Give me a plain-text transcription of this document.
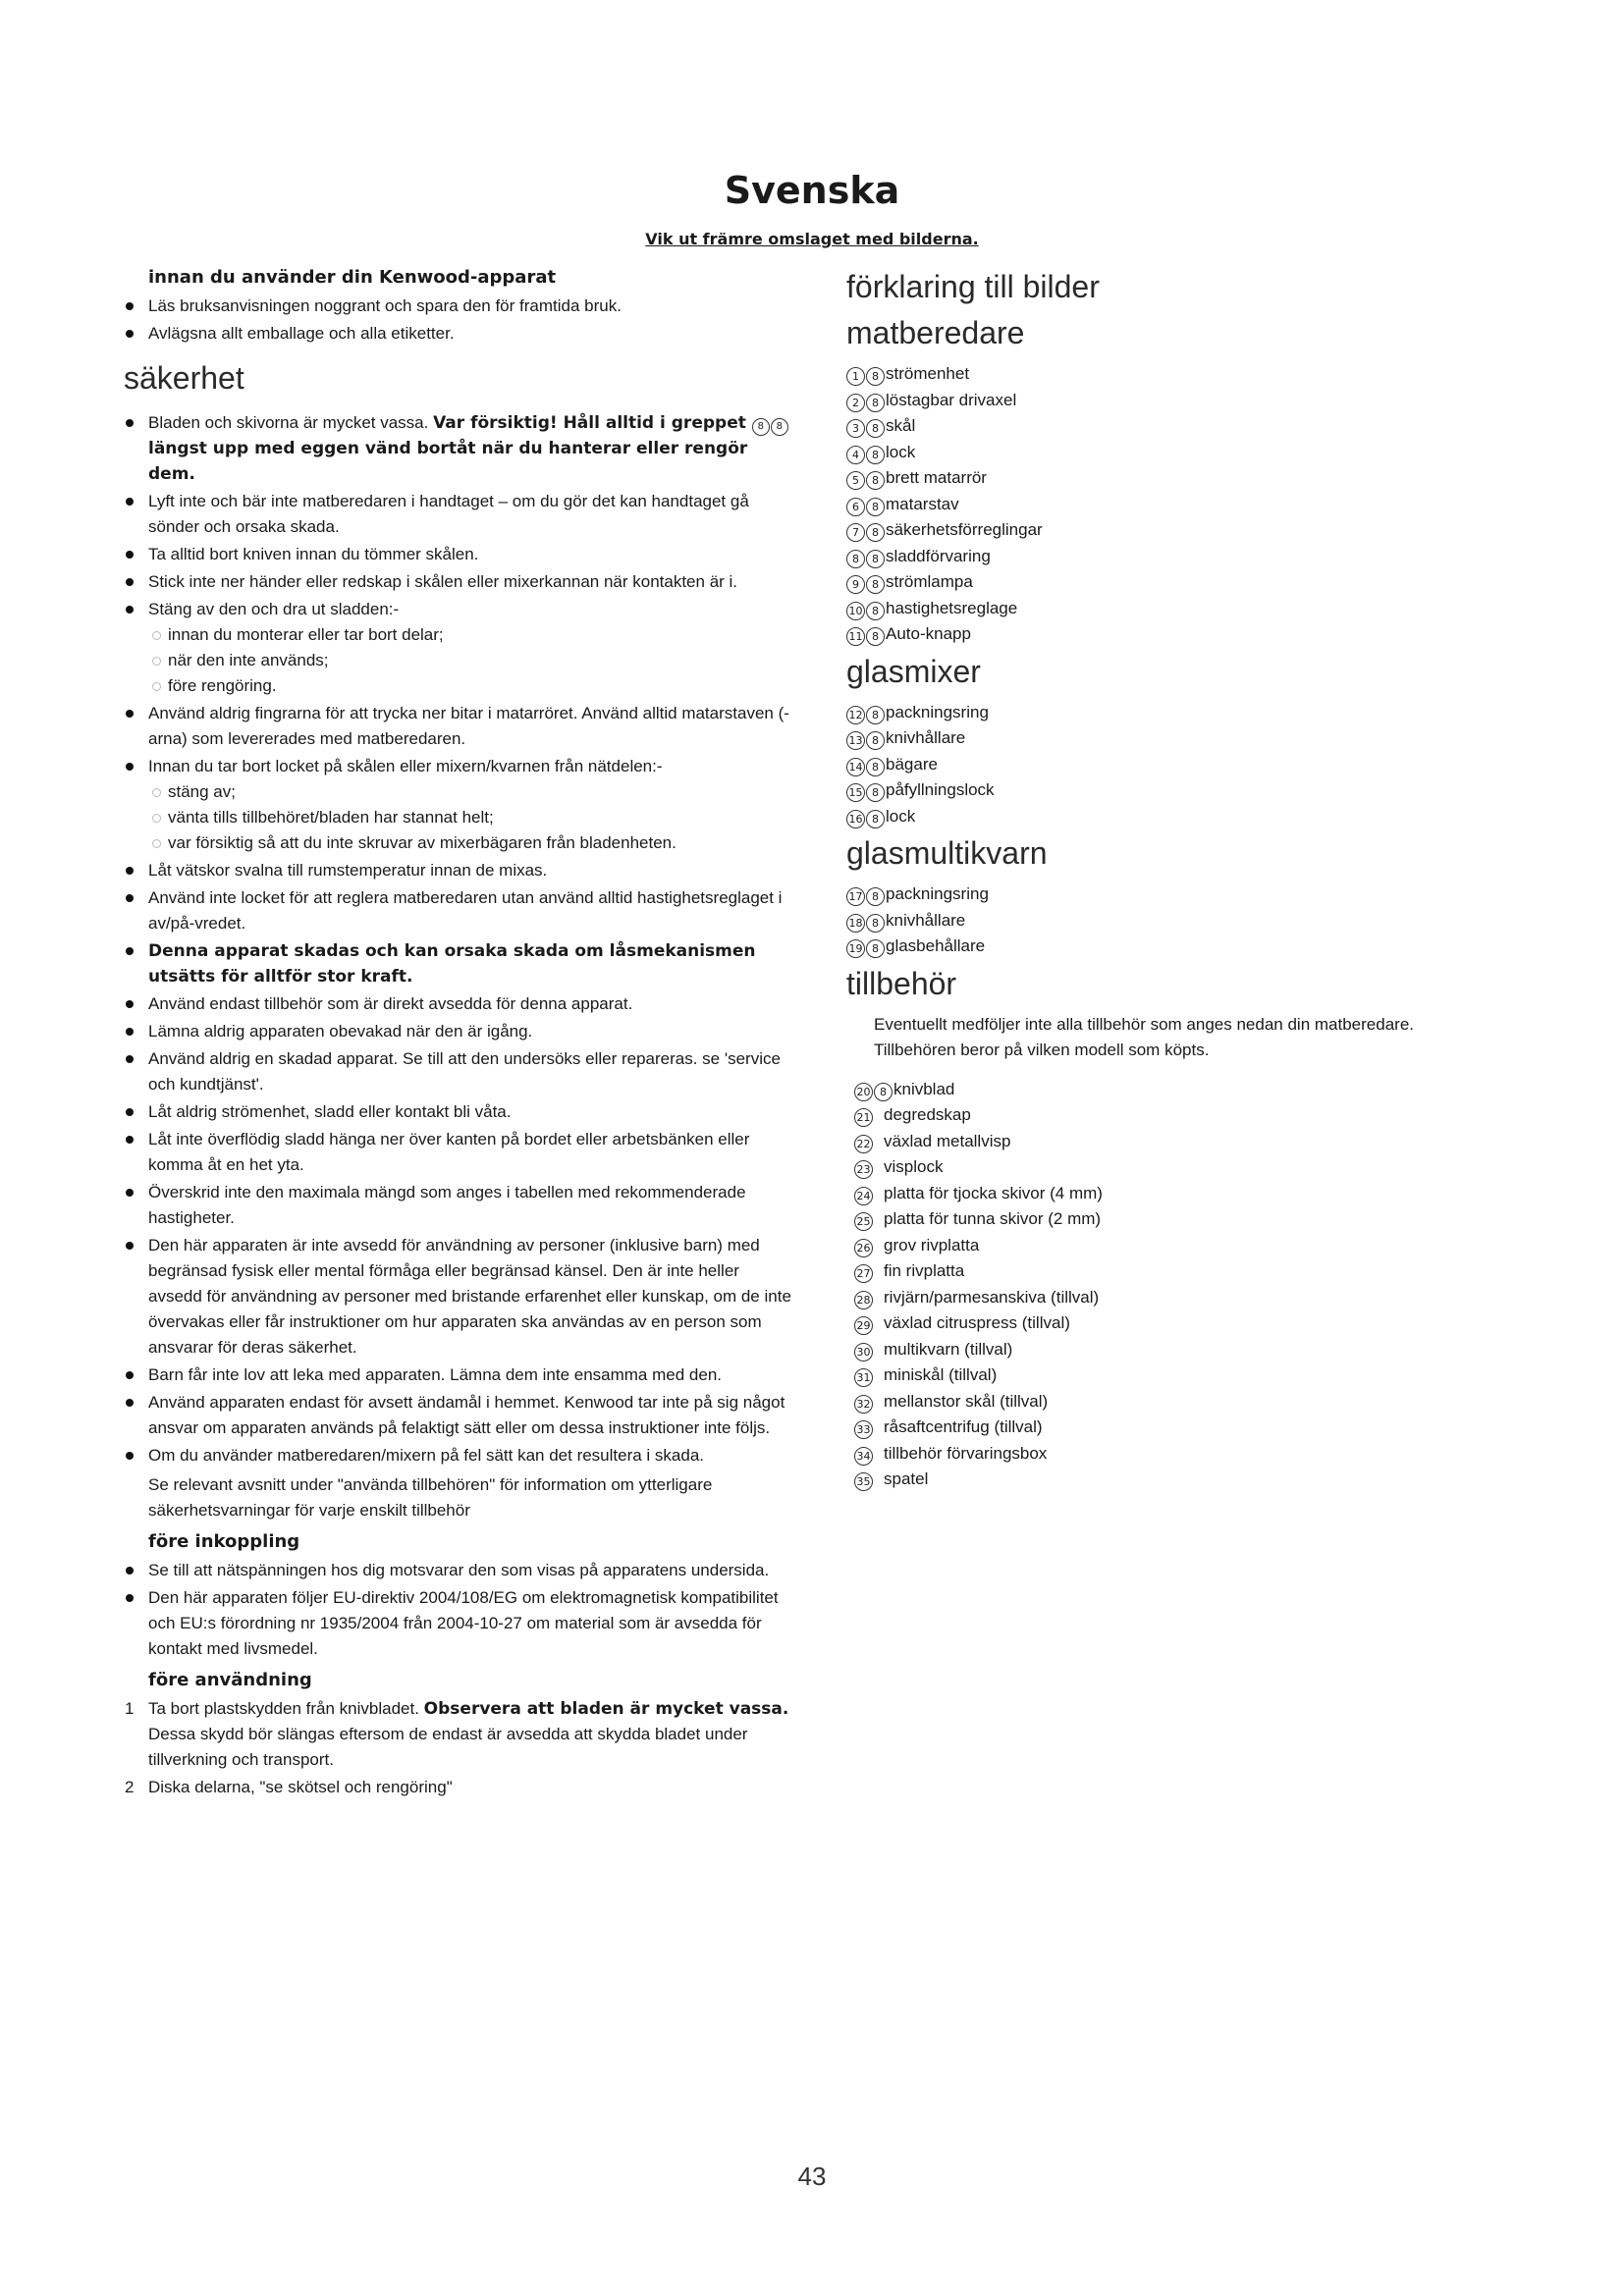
Svenska
Vik ut främre omslaget med bilderna.
innan du använder din Kenwood-apparat
Läs bruksanvisningen noggrant och spara den för framtida bruk.
Avlägsna allt emballage och alla etiketter.
säkerhet
Bladen och skivorna är mycket vassa. Var försiktig! Håll alltid i greppet 8 8längst upp med eggen vänd bortåt när du hanterar eller rengör dem.
Lyft inte och bär inte matberedaren i handtaget – om du gör det kan handtaget gå sönder och orsaka skada.
Ta alltid bort kniven innan du tömmer skålen.
Stick inte ner händer eller redskap i skålen eller mixerkannan när kontakten är i.
Stäng av den och dra ut sladden:-
innan du monterar eller tar bort delar;
när den inte används;
före rengöring.
Använd aldrig fingrarna för att trycka ner bitar i matarröret. Använd alltid matarstaven (-arna) som levererades med matberedaren.
Innan du tar bort locket på skålen eller mixern/kvarnen från nätdelen:-
stäng av;
vänta tills tillbehöret/bladen har stannat helt;
var försiktig så att du inte skruvar av mixerbägaren från bladenheten.
Låt vätskor svalna till rumstemperatur innan de mixas.
Använd inte locket för att reglera matberedaren utan använd alltid hastighetsreglaget i av/på-vredet.
Denna apparat skadas och kan orsaka skada om låsmekanismen utsätts för alltför stor kraft.
Använd endast tillbehör som är direkt avsedda för denna apparat.
Lämna aldrig apparaten obevakad när den är igång.
Använd aldrig en skadad apparat. Se till att den undersöks eller repareras. se 'service och kundtjänst'.
Låt aldrig strömenhet, sladd eller kontakt bli våta.
Låt inte överflödig sladd hänga ner över kanten på bordet eller arbetsbänken eller komma åt en het yta.
Överskrid inte den maximala mängd som anges i tabellen med rekommenderade hastigheter.
Den här apparaten är inte avsedd för användning av personer (inklusive barn) med begränsad fysisk eller mental förmåga eller begränsad känsel. Den är inte heller avsedd för användning av personer med bristande erfarenhet eller kunskap, om de inte övervakas eller får instruktioner om hur apparaten ska användas av en person som ansvarar för deras säkerhet.
Barn får inte lov att leka med apparaten. Lämna dem inte ensamma med den.
Använd apparaten endast för avsett ändamål i hemmet. Kenwood tar inte på sig något ansvar om apparaten används på felaktigt sätt eller om dessa instruktioner inte följs.
Om du använder matberedaren/mixern på fel sätt kan det resultera i skada.
Se relevant avsnitt under "använda tillbehören" för information om ytterligare säkerhetsvarningar för varje enskilt tillbehör
före inkoppling
Se till att nätspänningen hos dig motsvarar den som visas på apparatens undersida.
Den här apparaten följer EU-direktiv 2004/108/EG om elektromagnetisk kompatibilitet och EU:s förordning nr 1935/2004 från 2004-10-27 om material som är avsedda för kontakt med livsmedel.
före användning
1 Ta bort plastskydden från knivbladet. Observera att bladen är mycket vassa. Dessa skydd bör slängas eftersom de endast är avsedda att skydda bladet under tillverkning och transport.
2 Diska delarna, "se skötsel och rengöring"
förklaring till bilder
matberedare
1 8 strömenhet
2 8 löstagbar drivaxel
3 8 skål
4 8 lock
5 8 brett matarrör
6 8 matarstav
7 8 säkerhetsförreglingar
8 8 sladdförvaring
9 8 strömlampa
10 8 hastighetsreglage
11 8 Auto-knapp
glasmixer
12 8 packningsring
13 8 knivhållare
14 8 bägare
15 8 påfyllningslock
16 8 lock
glasmultikvarn
17 8 packningsring
18 8 knivhållare
19 8 glasbehållare
tillbehör
Eventuellt medföljer inte alla tillbehör som anges nedan din matberedare. Tillbehören beror på vilken modell som köpts.
20 8 knivblad
21 degredskap
22 växlad metallvisp
23 visplock
24 platta för tjocka skivor (4 mm)
25 platta för tunna skivor (2 mm)
26 grov rivplatta
27 fin rivplatta
28 rivjärn/parmesanskiva (tillval)
29 växlad citruspress (tillval)
30 multikvarn (tillval)
31 miniskål (tillval)
32 mellanstor skål (tillval)
33 råsaftcentrifug (tillval)
34 tillbehör förvaringsbox
35 spatel
43
